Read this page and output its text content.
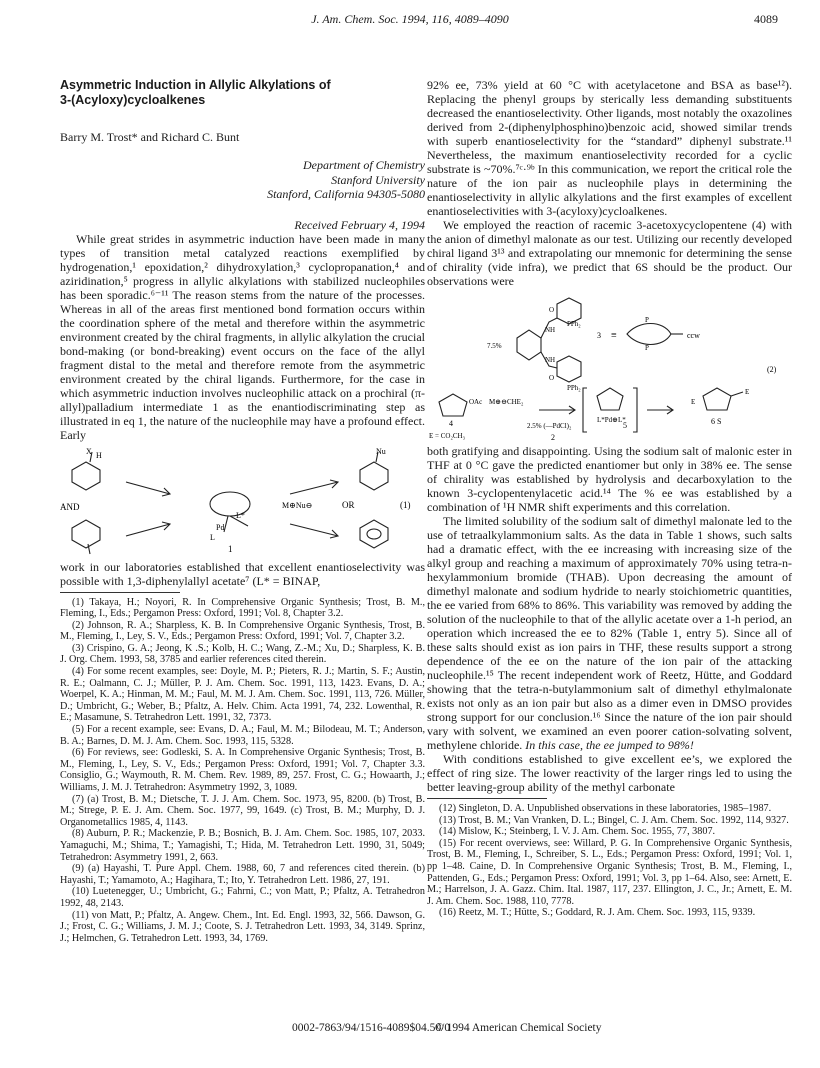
J. Am. Chem. Soc. 1994, 116, 4089–4090	4089
Asymmetric Induction in Allylic Alkylations of
3-(Acyloxy)cycloalkenes
Barry M. Trost* and Richard C. Bunt
Department of Chemistry
Stanford University
Stanford, California 94305-5080
Received February 4, 1994

While great strides in asymmetric induction have been made in many types of transition metal catalyzed reactions exemplified by hydrogenation,¹ epoxidation,² dihydroxylation,³ cyclopropanation,⁴ and aziridination,⁵ progress in allylic alkylations with stabilized nucleophiles has been sporadic.⁶⁻¹¹ The reason stems from the nature of the processes. Whereas in all of the areas first mentioned bond formation occurs within the coordination sphere of the metal and therefore within the asymmetric environment created by the chiral fragments, in allylic alkylation the crucial bond-making (or bond-breaking) event occurs on the face of the allyl fragment distal to the metal and therefore remote from the asymmetric environment created by the chiral ligands. Furthermore, for the case in which asymmetric induction involves nucleophilic attack on a prochiral (π-allyl)palladium intermediate 1 as the enantiodiscriminating step as illustrated in eq 1, the nature of the nucleophile may have a profound effect. Early

X H	Nu
AND
Pd
L*
L
1
M⊕Nu⊖	OR	(1)

work in our laboratories established that excellent enantioselectivity was possible with 1,3-diphenylallyl acetate⁷ (L* = BINAP,

(1) Takaya, H.; Noyori, R. In Comprehensive Organic Synthesis; Trost, B. M., Fleming, I., Eds.; Pergamon Press: Oxford, 1991; Vol. 8, Chapter 3.2.

(2) Johnson, R. A.; Sharpless, K. B. In Comprehensive Organic Synthesis, Trost, B. M., Fleming, I., Ley, S. V., Eds.; Pergamon Press: Oxford, 1991; Vol. 7, Chapter 3.2.

(3) Crispino, G. A.; Jeong, K .S.; Kolb, H. C.; Wang, Z.-M.; Xu, D.; Sharpless, K. B. J. Org. Chem. 1993, 58, 3785 and earlier references cited therein.

(4) For some recent examples, see: Doyle, M. P.; Pieters, R. J.; Martin, S. F.; Austin, R. E.; Oalmann, C. J.; Müller, P. J. Am. Chem. Soc. 1991, 113, 1423. Evans, D. A.; Woerpel, K. A.; Hinman, M. M.; Faul, M. M. J. Am. Chem. Soc. 1991, 113, 726. Müller, D.; Umbricht, G.; Weber, B.; Pfaltz, A. Helv. Chim. Acta 1991, 74, 232. Lowenthal, R. E.; Masamune, S. Tetrahedron Lett. 1991, 32, 7373.

(5) For a recent example, see: Evans, D. A.; Faul, M. M.; Bilodeau, M. T.; Anderson, B. A.; Barnes, D. M. J. Am. Chem. Soc. 1993, 115, 5328.

(6) For reviews, see: Godleski, S. A. In Comprehensive Organic Synthesis; Trost, B. M., Fleming, I., Ley, S. V., Eds.; Pergamon Press: Oxford, 1991; Vol. 7, Chapter 3.3. Consiglio, G.; Waymouth, R. M. Chem. Rev. 1989, 89, 257. Frost, C. G.; Howaarth, J.; Williams, J. M. J. Tetrahedron: Asymmetry 1992, 3, 1089.

(7) (a) Trost, B. M.; Dietsche, T. J. J. Am. Chem. Soc. 1973, 95, 8200. (b) Trost, B. M.; Strege, P. E. J. Am. Chem. Soc. 1977, 99, 1649. (c) Trost, B. M.; Murphy, D. J. Organometallics 1985, 4, 1143.

(8) Auburn, P. R.; Mackenzie, P. B.; Bosnich, B. J. Am. Chem. Soc. 1985, 107, 2033. Yamaguchi, M.; Shima, T.; Yamagishi, T.; Hida, M. Tetrahedron Lett. 1990, 31, 5049; Tetrahedron: Asymmetry 1991, 2, 663.

(9) (a) Hayashi, T. Pure Appl. Chem. 1988, 60, 7 and references cited therein. (b) Hayashi, T.; Yamamoto, A.; Hagihara, T.; Ito, Y. Tetrahedron Lett. 1986, 27, 191.

(10) Luetenegger, U.; Umbricht, G.; Fahrni, C.; von Matt, P.; Pfaltz, A. Tetrahedron 1992, 48, 2143.

(11) von Matt, P.; Pfaltz, A. Angew. Chem., Int. Ed. Engl. 1993, 32, 566. Dawson, G. J.; Frost, C. G.; Williams, J. M. J.; Coote, S. J. Tetrahedron Lett. 1993, 34, 3149. Sprinz, J.; Helmchen, G. Tetrahedron Lett. 1993, 34, 1769.

92% ee, 73% yield at 60 °C with acetylacetone and BSA as base¹²). Replacing the phenyl groups by sterically less demanding substituents decreased the enantioselectivity. Other ligands, most notably the oxazolines derived from 2-(diphenylphosphino)benzoic acid, showed similar trends with superb enantioselectivity for the “standard” diphenyl substrate.¹¹ Nevertheless, the maximum enantioselectivity recorded for a cyclic substrate is ~70%.⁷ᶜ·⁹ᵇ In this communication, we report the critical role the nature of the ion pair as nucleophile plays in determining the enantioselectivity in allylic alkylations and the first examples of excellent enantioselectivities with 3-(acyloxy)cycloalkenes.

We employed the reaction of racemic 3-acetoxycyclopentene (4) with the anion of dimethyl malonate as our test. Utilizing our recently developed chiral ligand 3¹³ and extrapolating our mnemonic for determining the sense of chirality (vide infra), we predict that 6S should be the product. Our observations were

PPh₂
PPh₂
NH
NH
O
O
7.5%
3 ≡
P
P
ccw
(2)
OAc M⊕⊖CHE₂
4
E = CO₂CH₃
2.5% (—PdCl)₂
L*Pd⊕L*
2
5
E
E
6 S

both gratifying and disappointing. Using the sodium salt of malonic ester in THF at 0 °C gave the predicted enantiomer but only in 38% ee. The sense of chirality was established by hydrolysis and decarboxylation to the known 3-cyclopentenylacetic acid.¹⁴ The % ee was established by a combination of ¹H NMR shift experiments and this correlation.

The limited solubility of the sodium salt of dimethyl malonate led to the use of tetraalkylammonium salts. As the data in Table 1 shows, such salts had a dramatic effect, with the ee increasing with increasing size of the alkyl group and reaching a maximum of approximately 70% using tetra-n-hexylammonium bromide (THAB). Upon decreasing the amount of dimethyl malonate and sodium hydride to nearly stoichiometric quantities, the ee varied from 68% to 86%. This variability was removed by adding the solution of the nucleophile to that of the allylic acetate over a 1-h period, an operation which increased the ee to 82% (Table 1, entry 5). Since all of these salts should exist as ion pairs in THF, these results support a strong dependence of the ee on the nature of the ion pair of the attacking nucleophile.¹⁵ The recent independent work of Reetz, Hütte, and Goddard showing that the tetra-n-butylammonium salt of dimethyl ethylmalonate exists not only as an ion pair but also as a dimer even in DMSO provides strong support for our conclusion.¹⁶ Since the nature of the ion pair should vary with solvent, we examined an even poorer cation-solvating solvent, methylene chloride. In this case, the ee jumped to 98%!

With conditions established to give excellent ee’s, we explored the effect of ring size. The lower reactivity of the larger rings led to using the better leaving-group ability of the methyl carbonate

(12) Singleton, D. A. Unpublished observations in these laboratories, 1985–1987.

(13) Trost, B. M.; Van Vranken, D. L.; Bingel, C. J. Am. Chem. Soc. 1992, 114, 9327.

(14) Mislow, K.; Steinberg, I. V. J. Am. Chem. Soc. 1955, 77, 3807.

(15) For recent overviews, see: Willard, P. G. In Comprehensive Organic Synthesis, Trost, B. M., Fleming, I., Schreiber, S. L., Eds.; Pergamon Press: Oxford, 1991; Vol. 1, pp 1–48. Caine, D. In Comprehensive Organic Synthesis; Trost, B. M., Fleming, I., Pattenden, G., Eds.; Pergamon Press: Oxford, 1991; Vol. 3, pp 1–64. Also, see: Arnett, E. M.; Harrelson, J. A. Gazz. Chim. Ital. 1987, 117, 237. Ellington, J. C., Jr.; Arnett, E. M. J. Am. Chem. Soc. 1988, 110, 7778.

(16) Reetz, M. T.; Hütte, S.; Goddard, R. J. Am. Chem. Soc. 1993, 115, 9339.

0002-7863/94/1516-4089$04.50/0
© 1994 American Chemical Society
